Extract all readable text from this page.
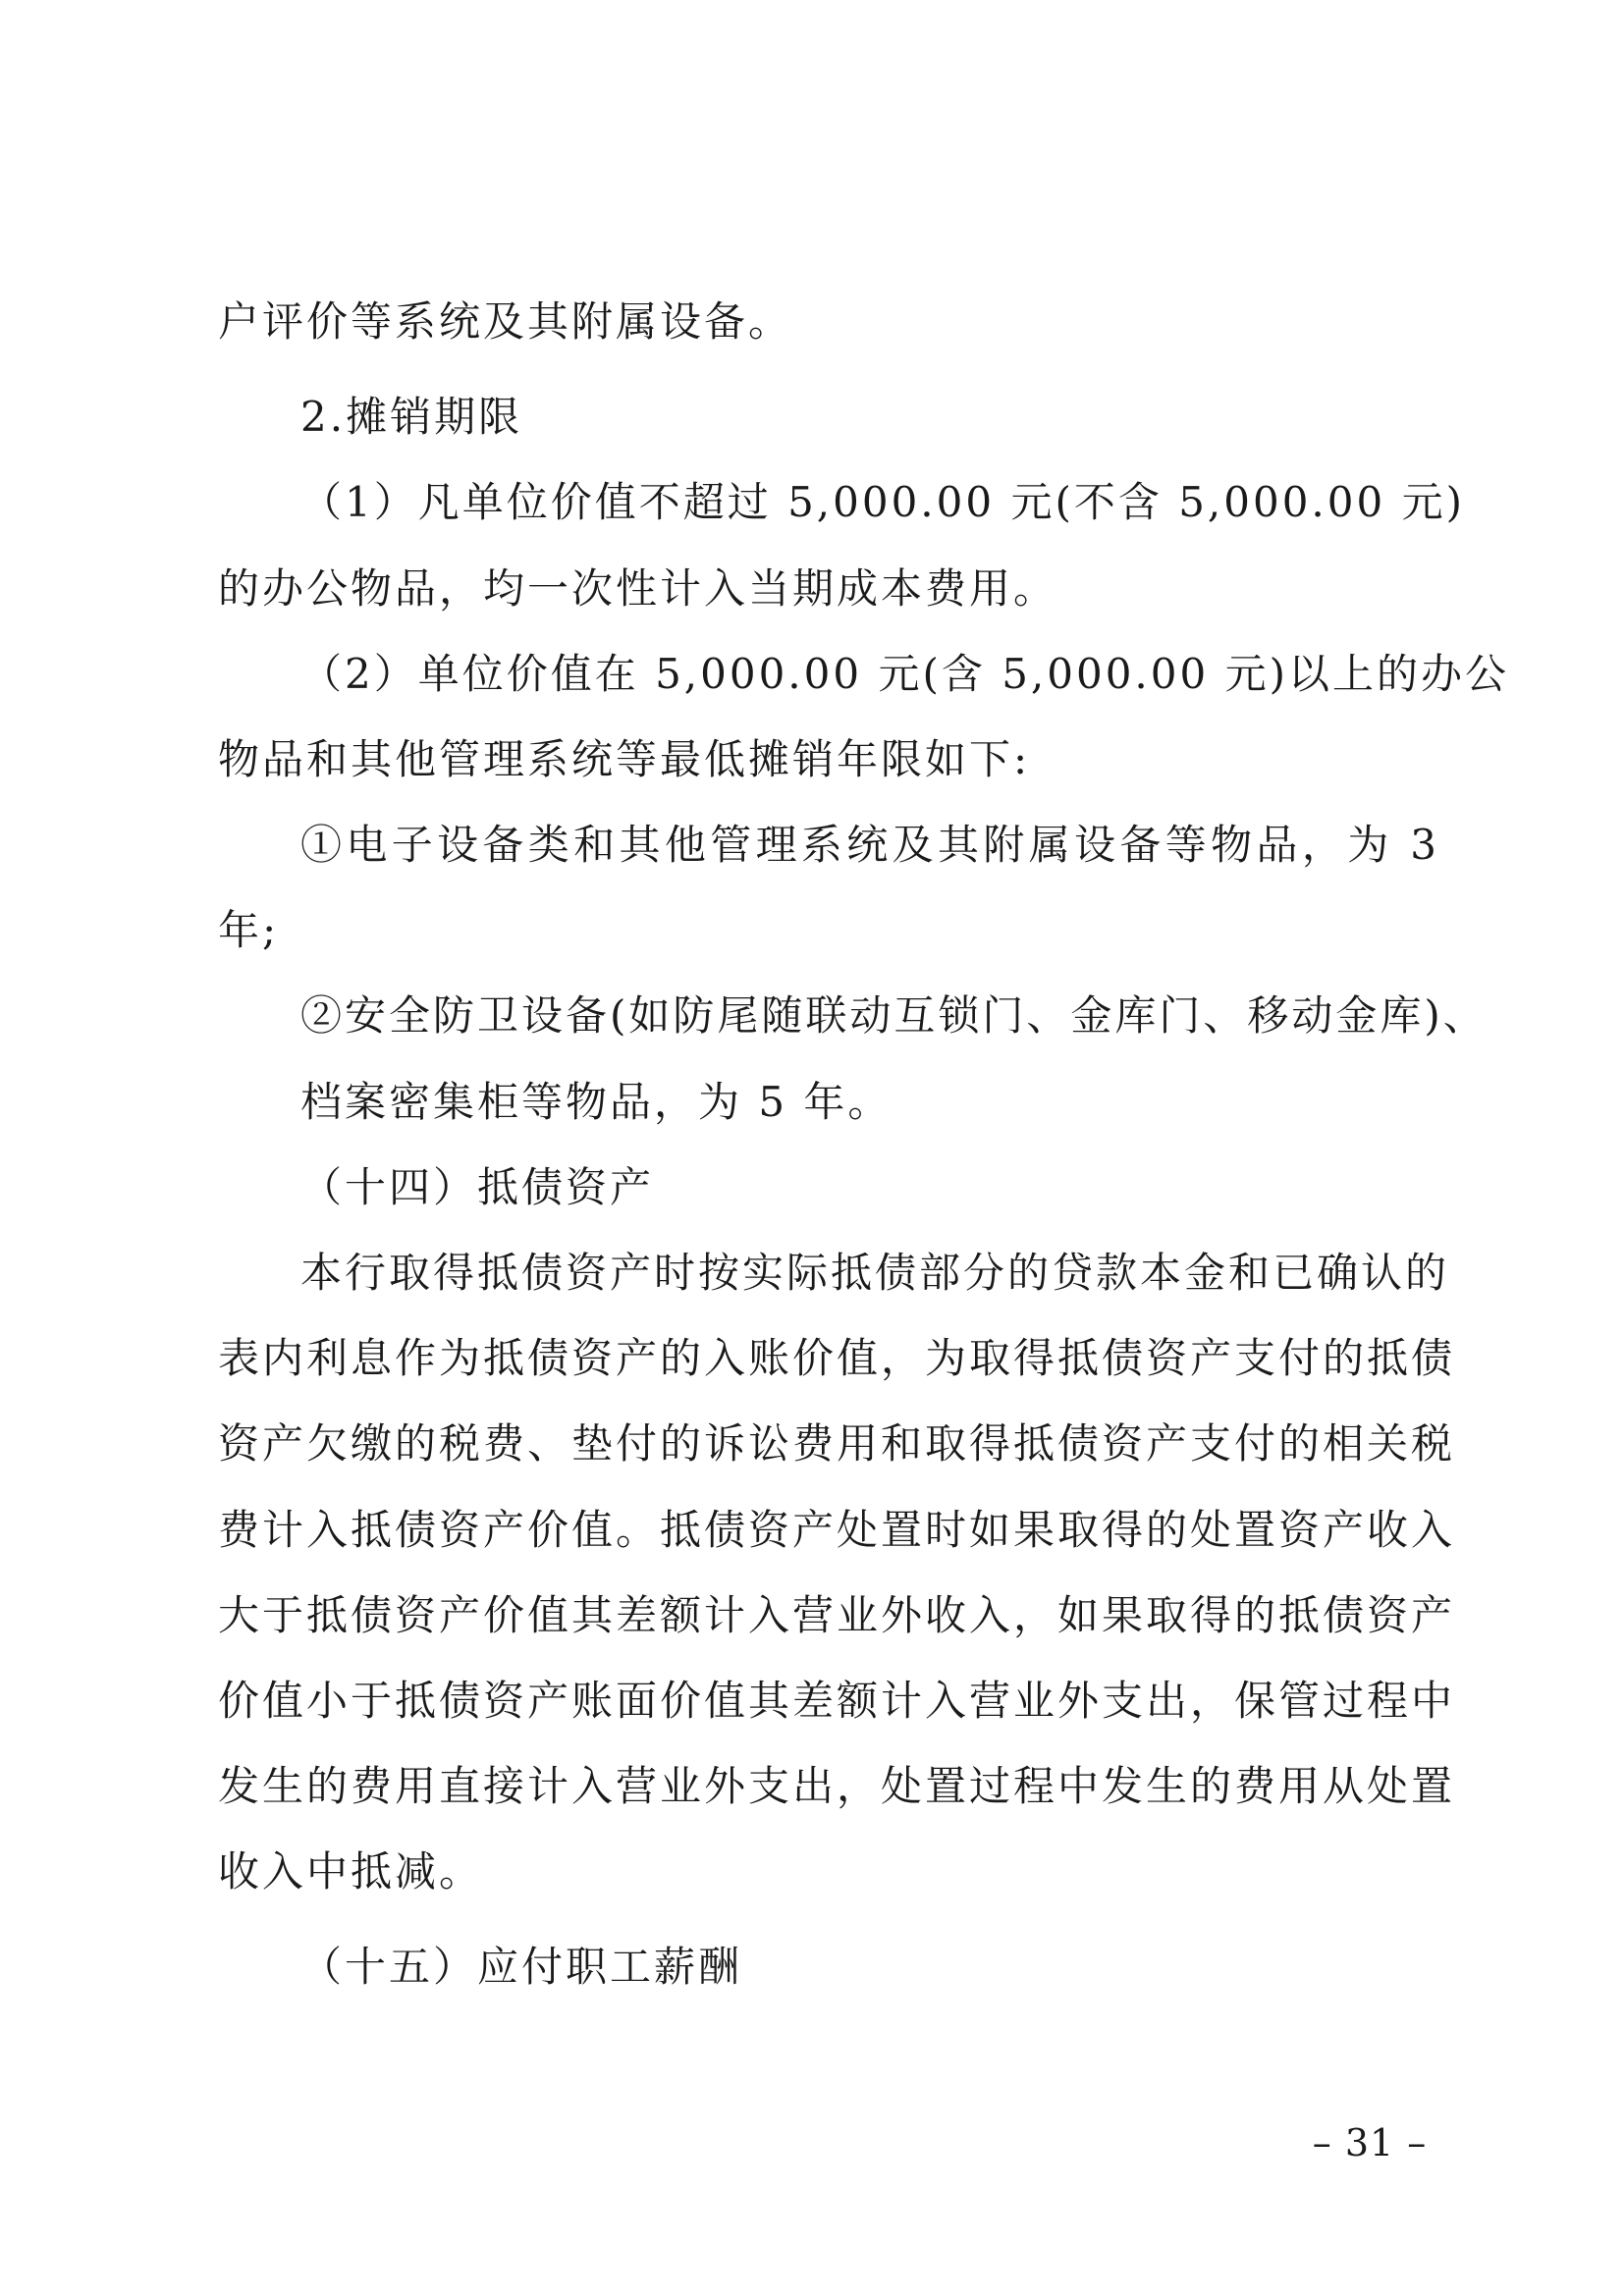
户评价等系统及其附属设备。
2.摊销期限
（1）凡单位价值不超过 5,000.00 元(不含 5,000.00 元)
的办公物品，均一次性计入当期成本费用。
（2）单位价值在 5,000.00 元(含 5,000.00 元)以上的办公
物品和其他管理系统等最低摊销年限如下:
①电子设备类和其他管理系统及其附属设备等物品，为 3
年;
②安全防卫设备(如防尾随联动互锁门、金库门、移动金库)、
档案密集柜等物品，为 5 年。
（十四）抵债资产
本行取得抵债资产时按实际抵债部分的贷款本金和已确认的
表内利息作为抵债资产的入账价值，为取得抵债资产支付的抵债
资产欠缴的税费、垫付的诉讼费用和取得抵债资产支付的相关税
费计入抵债资产价值。抵债资产处置时如果取得的处置资产收入
大于抵债资产价值其差额计入营业外收入，如果取得的抵债资产
价值小于抵债资产账面价值其差额计入营业外支出，保管过程中
发生的费用直接计入营业外支出，处置过程中发生的费用从处置
收入中抵减。
（十五）应付职工薪酬
– 31 –
